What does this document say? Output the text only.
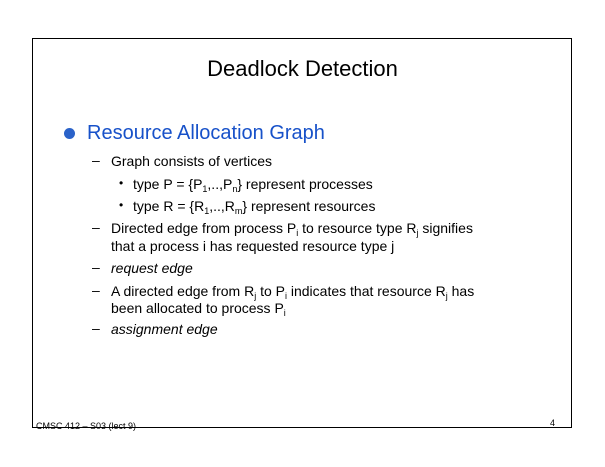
Deadlock Detection
Resource Allocation Graph
– Graph consists of vertices
• type $P = \{P_1,..,P_n\}$ represent processes
• type $R = \{R_1,..,R_m\}$ represent resources
– Directed edge from process $P_i$ to resource type $R_j$ signifies
that a process i has requested resource type j
– request edge
– A directed edge from $R_j$ to $P_i$ indicates that resource $R_j$ has
been allocated to process $P_i$
– assignment edge
CMSC 412 – S03 (lect 9)	4
